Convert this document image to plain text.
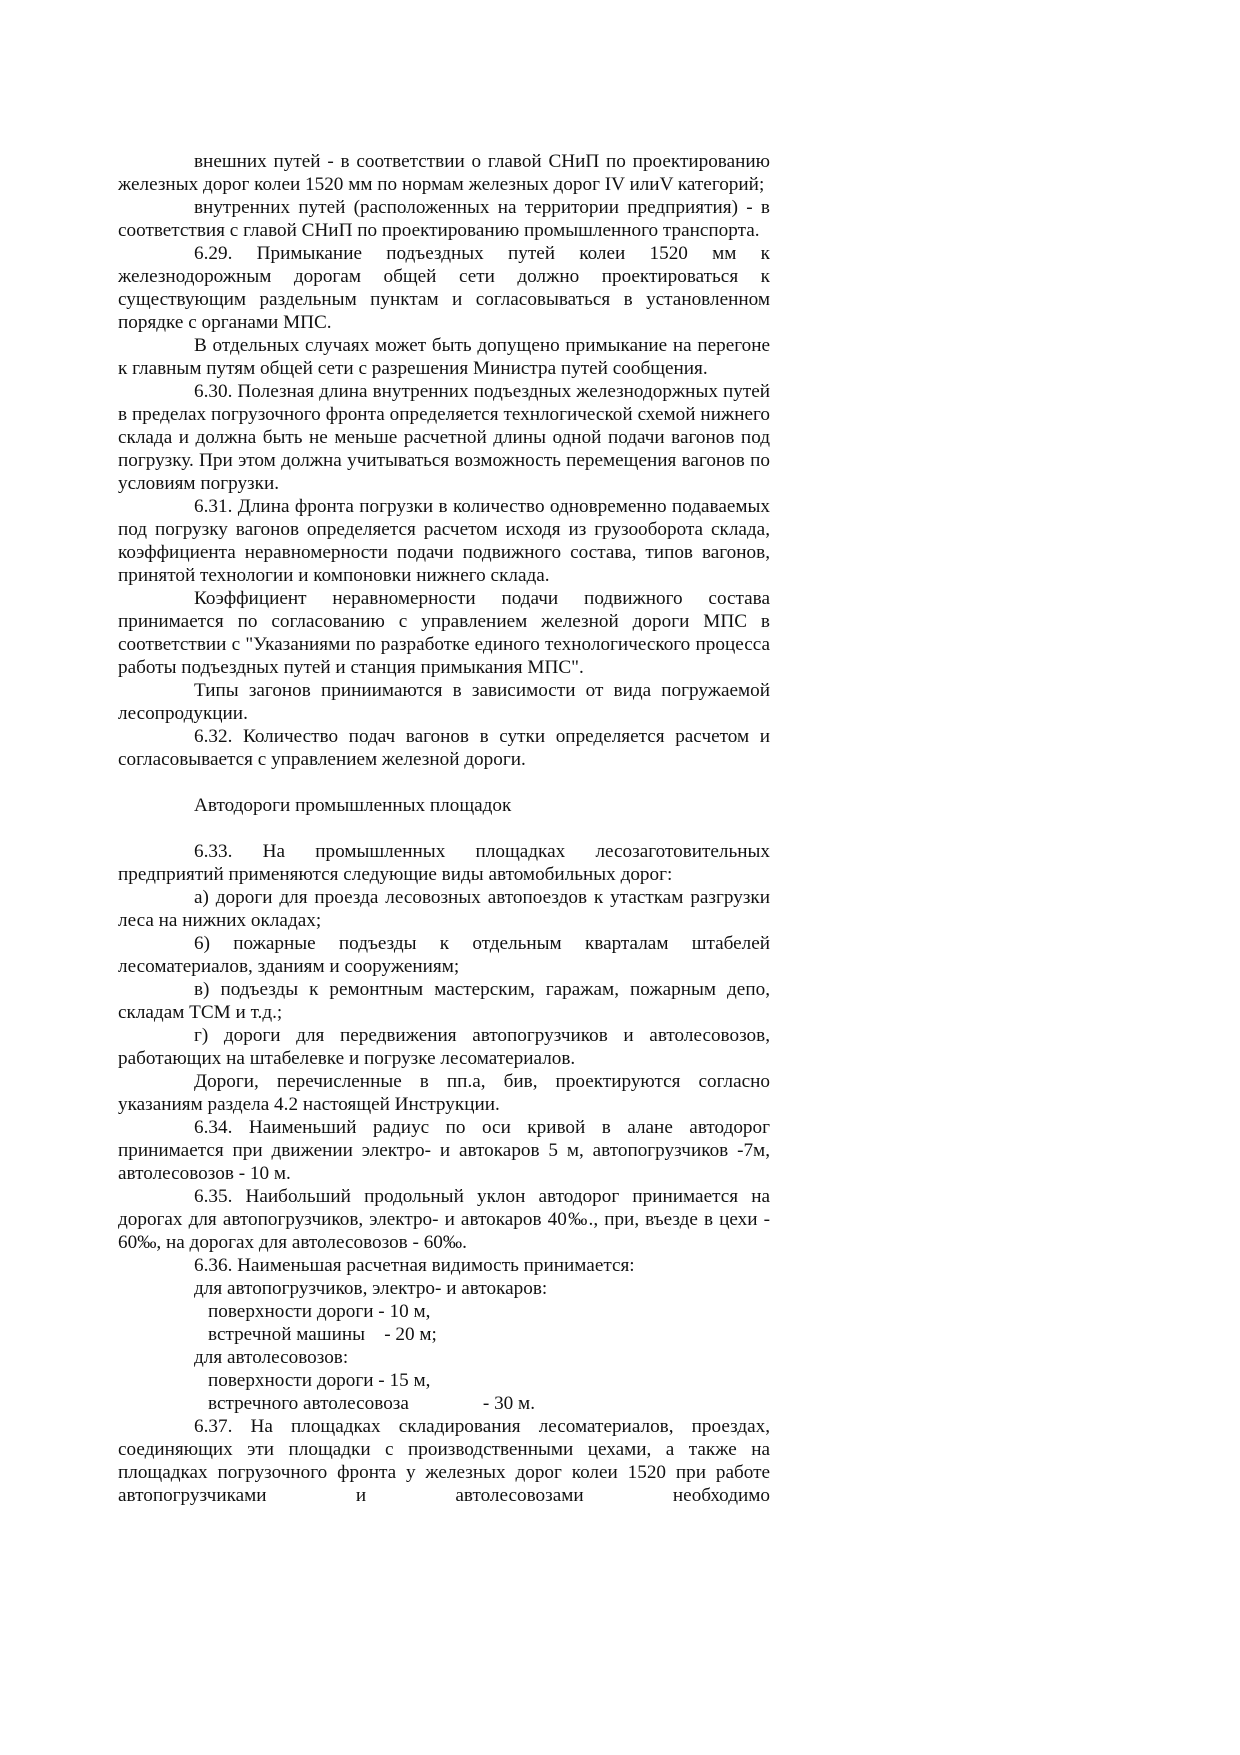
внешних путей - в соответствии о главой СНиП по проектированию железных дорог колеи 1520 мм по нормам железных дорог IV илиV категорий;

внутренних путей (расположенных на территории предприятия) - в соответствия с главой СНиП по проектированию промышленного транспорта.

6.29. Примыкание подъездных путей колеи 1520 мм к железнодорожным дорогам общей сети должно проектироваться к существующим раздельным пунктам и согласовываться в установленном порядке с органами МПС.

В отдельных случаях может быть допущено примыкание на перегоне к главным путям общей сети с разрешения Министра путей сообщения.

6.30. Полезная длина внутренних подъездных железнодоржных путей в пределах погрузочного фронта определяется технлогической схемой нижнего склада и должна быть не меньше расчетной длины одной подачи вагонов под погрузку. При этом должна учитываться возможность перемещения вагонов по условиям погрузки.

6.31. Длина фронта погрузки в количество одновременно подаваемых под погрузку вагонов определяется расчетом исходя из грузооборота склада, коэффициента неравномерности подачи подвижного состава, типов вагонов, принятой технологии и компоновки нижнего склада.

Коэффициент неравномерности подачи подвижного состава принимается по согласованию с управлением железной дороги МПС в соответствии с "Указаниями по разработке единого технологического процесса работы подъездных путей и станция примыкания МПС".

Типы загонов приниимаются в зависимости от вида погружаемой лесопродукции.

6.32. Количество подач вагонов в сутки определяется расчетом и согласовывается с управлением железной дороги.

Автодороги промышленных площадок

6.33. На промышленных площадках лесозаготовительных предприятий применяются следующие виды автомобильных дорог:

а) дороги для проезда лесовозных автопоездов к утасткам разгрузки леса на нижних окладах;

6) пожарные подъезды к отдельным кварталам штабелей лесоматериалов, зданиям и сооружениям;

в) подъезды к ремонтным мастерским, гаражам, пожарным депо, складам ТСМ и т.д.;

г) дороги для передвижения автопогрузчиков и автолесовозов, работающих на штабелевке и погрузке лесоматериалов.

Дороги, перечисленные в пп.а, бив, проектируются согласно указаниям раздела 4.2 настоящей Инструкции.

6.34. Наименьший радиус по оси кривой в алане автодорог принимается при движении электро- и автокаров 5 м, автопогрузчиков -7м, автолесовозов - 10 м.

6.35. Наибольший продольный уклон автодорог принимается на дорогах для автопогрузчиков, электро- и автокаров 40‰., при, въезде в цехи - 60‰, на дорогах для автолесовозов - 60‰.

6.36. Наименьшая расчетная видимость принимается:

для автопогрузчиков, электро- и автокаров:

поверхности дороги - 10 м,

встречной машины    - 20 м;

для автолесовозов:

поверхности дороги - 15 м,

встречного автолесовоза	- 30 м.

6.37. На площадках складирования лесоматериалов, проездах, соединяющих эти площадки с производственными цехами, а также на площадках погрузочного фронта у железных дорог колеи 1520 при работе автопогрузчиками и автолесовозами необходимо
